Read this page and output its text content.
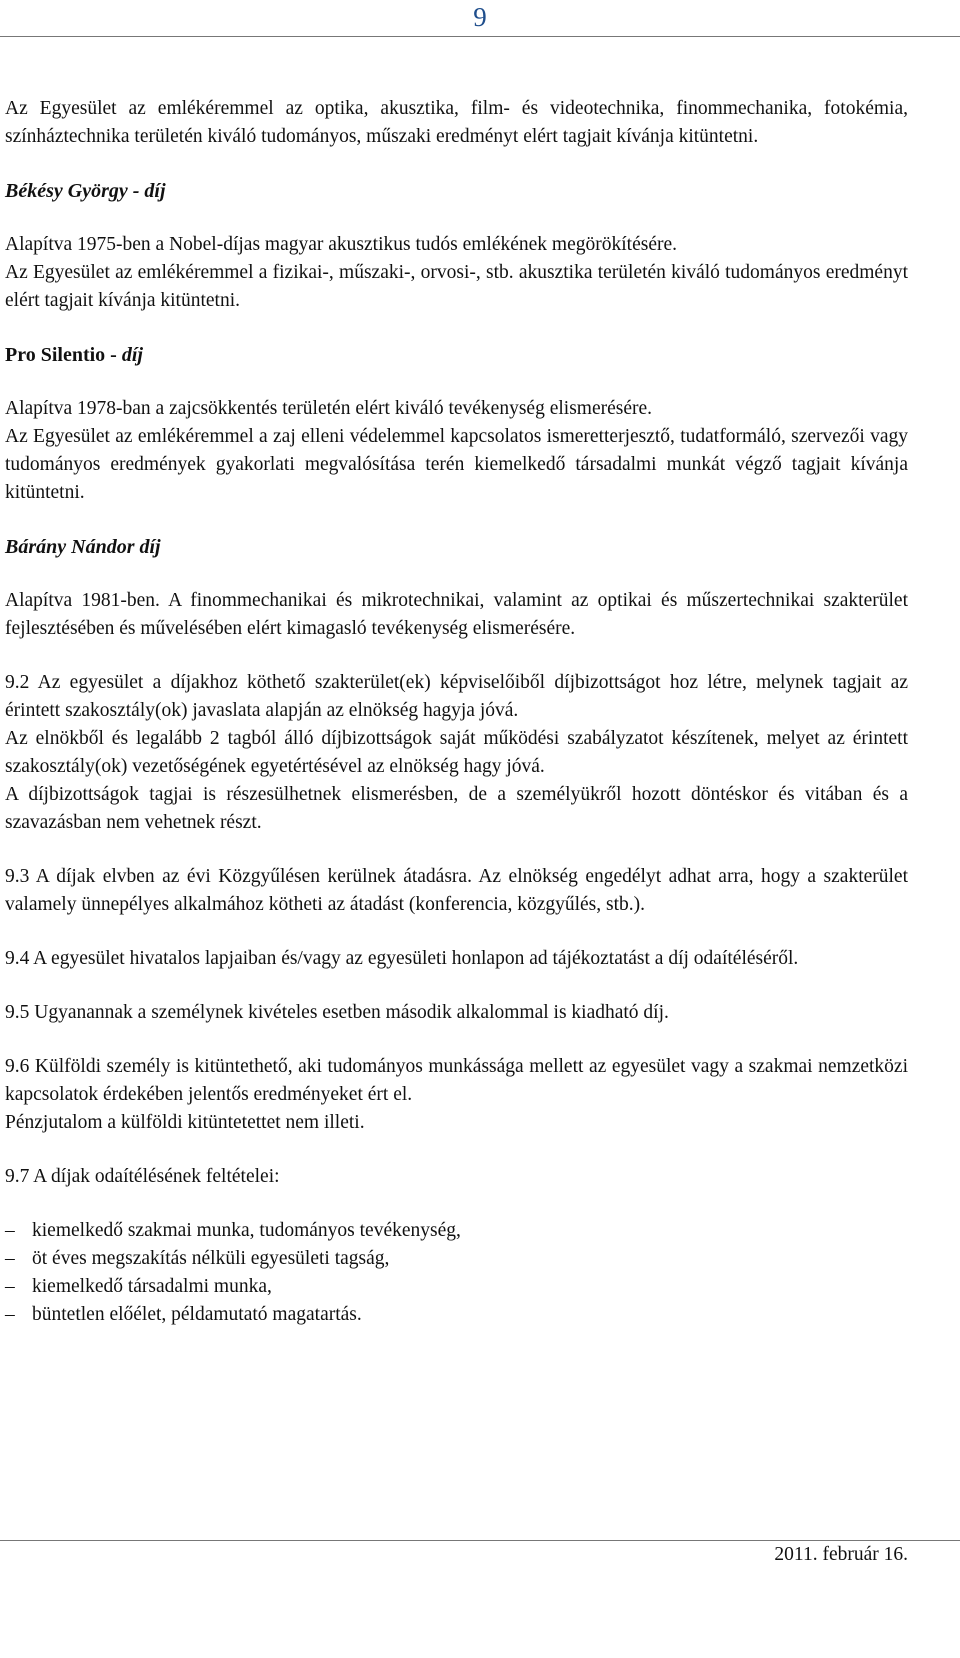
9

Az Egyesület az emlékéremmel az optika, akusztika, film- és videotechnika, finommechanika, fotokémia, színháztechnika területén kiváló tudományos, műszaki eredményt elért tagjait kívánja kitüntetni.

Békésy György - díj

Alapítva 1975-ben a Nobel-díjas magyar akusztikus tudós emlékének megörökítésére.

Az Egyesület az emlékéremmel a fizikai-, műszaki-, orvosi-, stb. akusztika területén kiváló tudományos eredményt elért tagjait kívánja kitüntetni.

Pro Silentio - díj

Alapítva 1978-ban a zajcsökkentés területén elért kiváló tevékenység elismerésére.

Az Egyesület az emlékéremmel a zaj elleni védelemmel kapcsolatos ismeretterjesztő, tudatformáló, szervezői vagy tudományos eredmények gyakorlati megvalósítása terén kiemelkedő társadalmi munkát végző tagjait kívánja kitüntetni.

Bárány Nándor díj

Alapítva 1981-ben. A finommechanikai és mikrotechnikai, valamint az optikai és műszertechnikai szakterület fejlesztésében és művelésében elért kimagasló tevékenység elismerésére.

9.2 Az egyesület a díjakhoz köthető szakterület(ek) képviselőiből díjbizottságot hoz létre, melynek tagjait az érintett szakosztály(ok) javaslata alapján az elnökség hagyja jóvá.

Az elnökből és legalább 2 tagból álló díjbizottságok saját működési szabályzatot készítenek, melyet az érintett szakosztály(ok) vezetőségének egyetértésével az elnökség hagy jóvá.

A díjbizottságok tagjai is részesülhetnek elismerésben, de a személyükről hozott döntéskor és vitában és a szavazásban nem vehetnek részt.

9.3 A díjak elvben az évi Közgyűlésen kerülnek átadásra. Az elnökség engedélyt adhat arra, hogy a szakterület valamely ünnepélyes alkalmához kötheti az átadást (konferencia, közgyűlés, stb.).

9.4 A egyesület hivatalos lapjaiban és/vagy az egyesületi honlapon ad tájékoztatást a díj odaítéléséről.

9.5 Ugyanannak a személynek kivételes esetben második alkalommal is kiadható díj.

9.6 Külföldi személy is kitüntethető, aki tudományos munkássága mellett az egyesület vagy a szakmai nemzetközi kapcsolatok érdekében jelentős eredményeket ért el.

Pénzjutalom a külföldi kitüntetettet nem illeti.

9.7 A díjak odaítélésének feltételei:

– kiemelkedő szakmai munka, tudományos tevékenység,
– öt éves megszakítás nélküli egyesületi tagság,
– kiemelkedő társadalmi munka,
– büntetlen előélet, példamutató magatartás.
2011. február 16.
